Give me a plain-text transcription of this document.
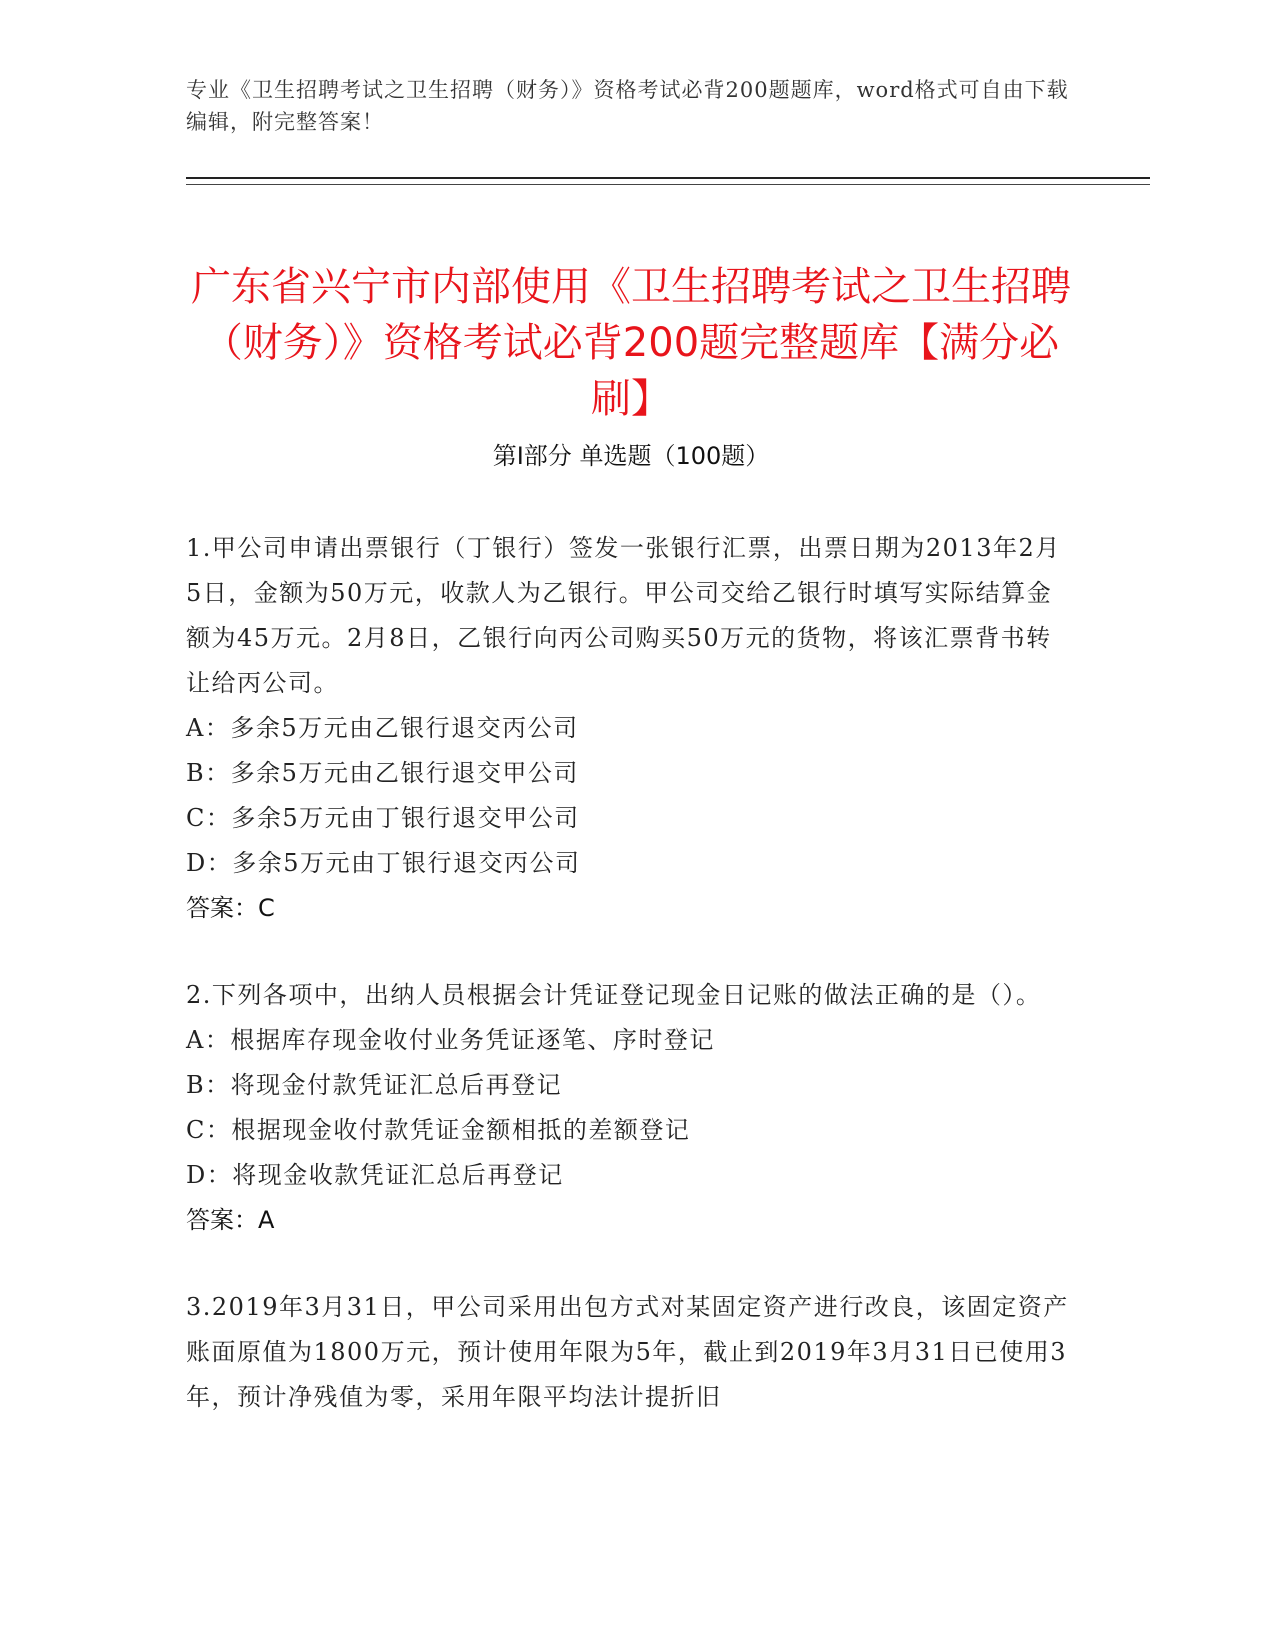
专业《卫生招聘考试之卫生招聘（财务）》资格考试必背200题题库，word格式可自由下载编辑，附完整答案！
广东省兴宁市内部使用《卫生招聘考试之卫生招聘（财务）》资格考试必背200题完整题库【满分必刷】
第I部分 单选题（100题）
1.甲公司申请出票银行（丁银行）签发一张银行汇票，出票日期为2013年2月5日，金额为50万元，收款人为乙银行。甲公司交给乙银行时填写实际结算金额为45万元。2月8日，乙银行向丙公司购买50万元的货物，将该汇票背书转让给丙公司。
A：多余5万元由乙银行退交丙公司
B：多余5万元由乙银行退交甲公司
C：多余5万元由丁银行退交甲公司
D：多余5万元由丁银行退交丙公司
答案：C
2.下列各项中，出纳人员根据会计凭证登记现金日记账的做法正确的是（）。
A：根据库存现金收付业务凭证逐笔、序时登记
B：将现金付款凭证汇总后再登记
C：根据现金收付款凭证金额相抵的差额登记
D：将现金收款凭证汇总后再登记
答案：A
3.2019年3月31日，甲公司采用出包方式对某固定资产进行改良，该固定资产账面原值为1800万元，预计使用年限为5年，截止到2019年3月31日已使用3年，预计净残值为零，采用年限平均法计提折旧
